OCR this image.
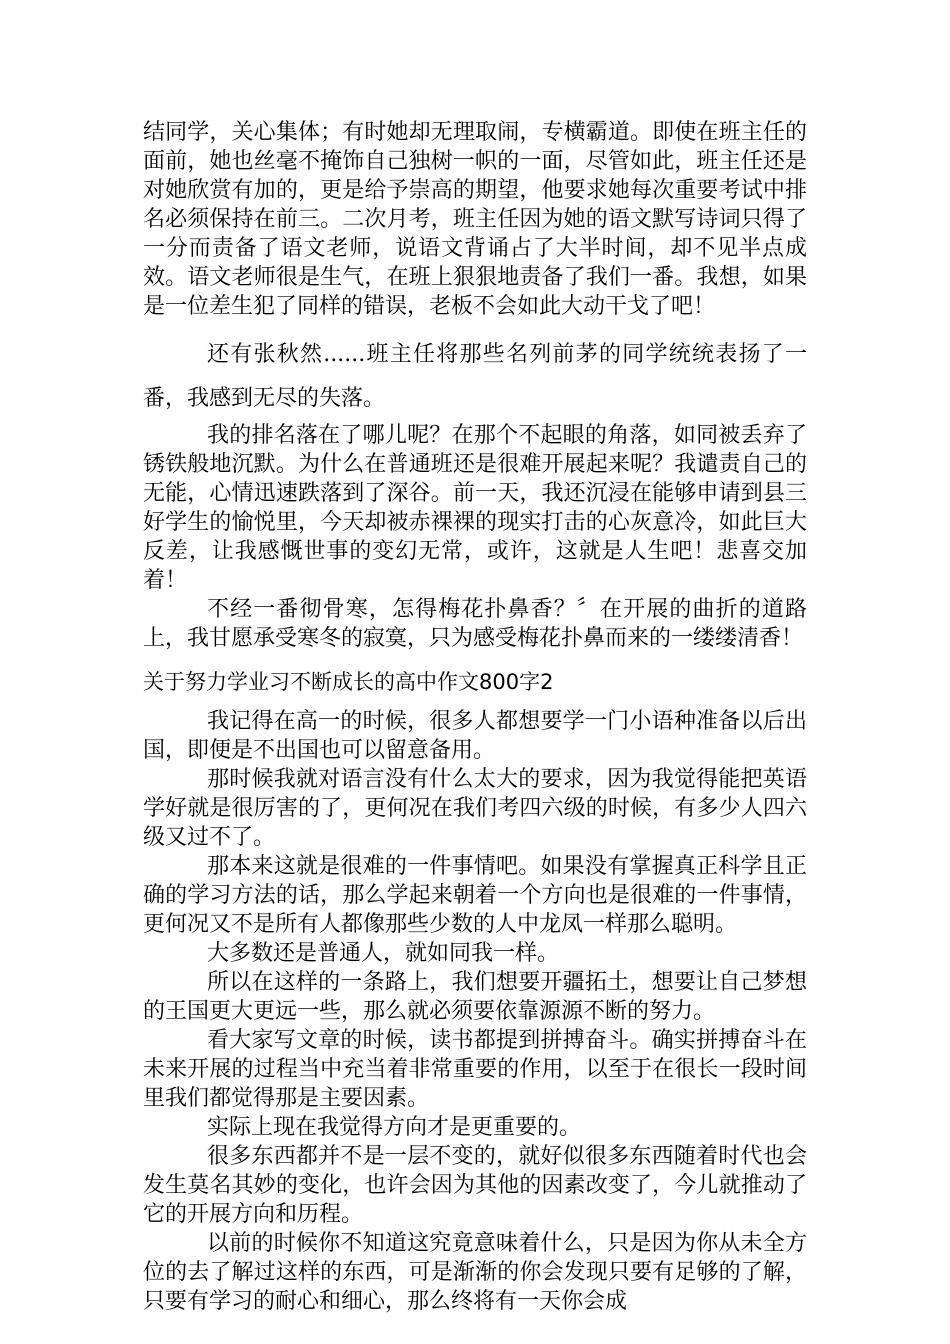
结同学，关心集体；有时她却无理取闹，专横霸道。即使在班主任的面前，她也丝毫不掩饰自己独树一帜的一面，尽管如此，班主任还是对她欣赏有加的，更是给予崇高的期望，他要求她每次重要考试中排名必须保持在前三。二次月考，班主任因为她的语文默写诗词只得了一分而责备了语文老师，说语文背诵占了大半时间，却不见半点成效。语文老师很是生气，在班上狠狠地责备了我们一番。我想，如果是一位差生犯了同样的错误，老板不会如此大动干戈了吧！

还有张秋然......班主任将那些名列前茅的同学统统表扬了一番，我感到无尽的失落。

我的排名落在了哪儿呢？在那个不起眼的角落，如同被丢弃了锈铁般地沉默。为什么在普通班还是很难开展起来呢？我谴责自己的无能，心情迅速跌落到了深谷。前一天，我还沉浸在能够申请到县三好学生的愉悦里，今天却被赤裸裸的现实打击的心灰意冷，如此巨大反差，让我感慨世事的变幻无常，或许，这就是人生吧！悲喜交加着！

不经一番彻骨寒，怎得梅花扑鼻香？〞在开展的曲折的道路上，我甘愿承受寒冬的寂寞，只为感受梅花扑鼻而来的一缕缕清香！

关于努力学业习不断成长的高中作文800字2

我记得在高一的时候，很多人都想要学一门小语种准备以后出国，即便是不出国也可以留意备用。

那时候我就对语言没有什么太大的要求，因为我觉得能把英语学好就是很厉害的了，更何况在我们考四六级的时候，有多少人四六级又过不了。

那本来这就是很难的一件事情吧。如果没有掌握真正科学且正确的学习方法的话，那么学起来朝着一个方向也是很难的一件事情，更何况又不是所有人都像那些少数的人中龙凤一样那么聪明。

大多数还是普通人，就如同我一样。

所以在这样的一条路上，我们想要开疆拓土，想要让自己梦想的王国更大更远一些，那么就必须要依靠源源不断的努力。

看大家写文章的时候，读书都提到拼搏奋斗。确实拼搏奋斗在未来开展的过程当中充当着非常重要的作用，以至于在很长一段时间里我们都觉得那是主要因素。

实际上现在我觉得方向才是更重要的。

很多东西都并不是一层不变的，就好似很多东西随着时代也会发生莫名其妙的变化，也许会因为其他的因素改变了，今儿就推动了它的开展方向和历程。

以前的时候你不知道这究竟意味着什么，只是因为你从未全方位的去了解过这样的东西，可是渐渐的你会发现只要有足够的了解，只要有学习的耐心和细心，那么终将有一天你会成
